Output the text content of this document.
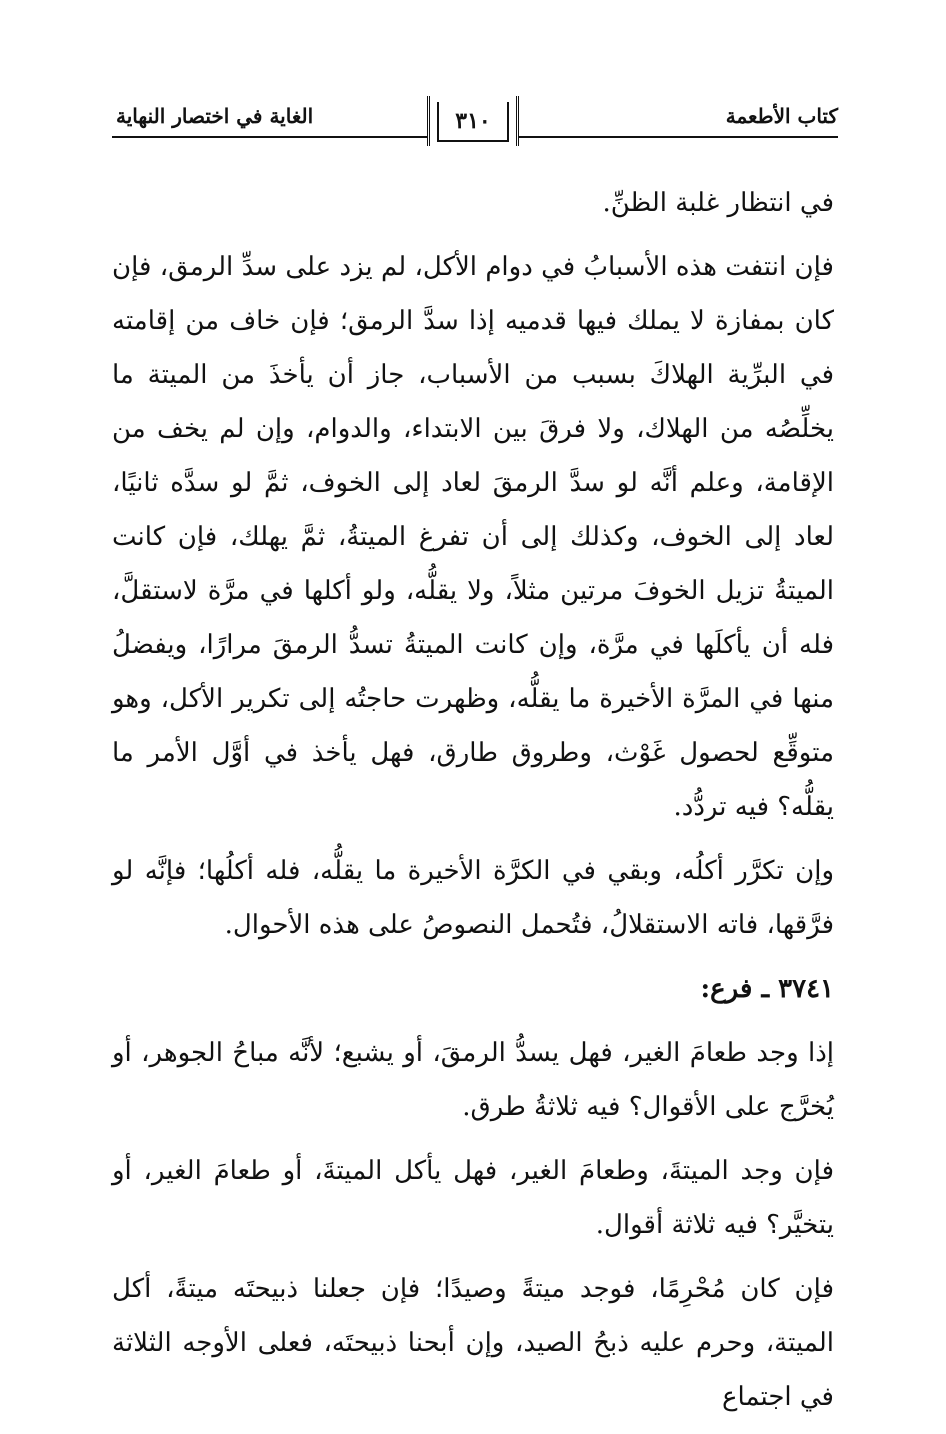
كتاب الأطعمة
٣١٠
الغاية في اختصار النهاية

في انتظار غلبة الظنِّ.

فإن انتفت هذه الأسبابُ في دوام الأكل، لم يزد على سدِّ الرمق، فإن كان بمفازة لا يملك فيها قدميه إذا سدَّ الرمق؛ فإن خاف من إقامته في البرِّية الهلاكَ بسبب من الأسباب، جاز أن يأخذَ من الميتة ما يخلِّصُه من الهلاك، ولا فرقَ بين الابتداء، والدوام، وإن لم يخف من الإقامة، وعلم أنَّه لو سدَّ الرمقَ لعاد إلى الخوف، ثمَّ لو سدَّه ثانيًا، لعاد إلى الخوف، وكذلك إلى أن تفرغ الميتةُ، ثمَّ يهلك، فإن كانت الميتةُ تزيل الخوفَ مرتين مثلاً، ولا يقلُّه، ولو أكلها في مرَّة لاستقلَّ، فله أن يأكلَها في مرَّة، وإن كانت الميتةُ تسدُّ الرمقَ مرارًا، ويفضلُ منها في المرَّة الأخيرة ما يقلُّه، وظهرت حاجتُه إلى تكرير الأكل، وهو متوقِّع لحصول غَوْث، وطروق طارق، فهل يأخذ في أوَّل الأمر ما يقلُّه؟ فيه تردُّد.

وإن تكرَّر أكلُه، وبقي في الكرَّة الأخيرة ما يقلُّه، فله أكلُها؛ فإنَّه لو فرَّقها، فاته الاستقلالُ، فتُحمل النصوصُ على هذه الأحوال.

٣٧٤١ ـ فرع:

إذا وجد طعامَ الغير، فهل يسدُّ الرمقَ، أو يشبع؛ لأنَّه مباحُ الجوهر، أو يُخرَّج على الأقوال؟ فيه ثلاثةُ طرق.

فإن وجد الميتةَ، وطعامَ الغير، فهل يأكل الميتةَ، أو طعامَ الغير، أو يتخيَّر؟ فيه ثلاثة أقوال.

فإن كان مُحْرِمًا، فوجد ميتةً وصيدًا؛ فإن جعلنا ذبيحتَه ميتةً، أكل الميتة، وحرم عليه ذبحُ الصيد، وإن أبحنا ذبيحتَه، فعلى الأوجه الثلاثة في اجتماع
